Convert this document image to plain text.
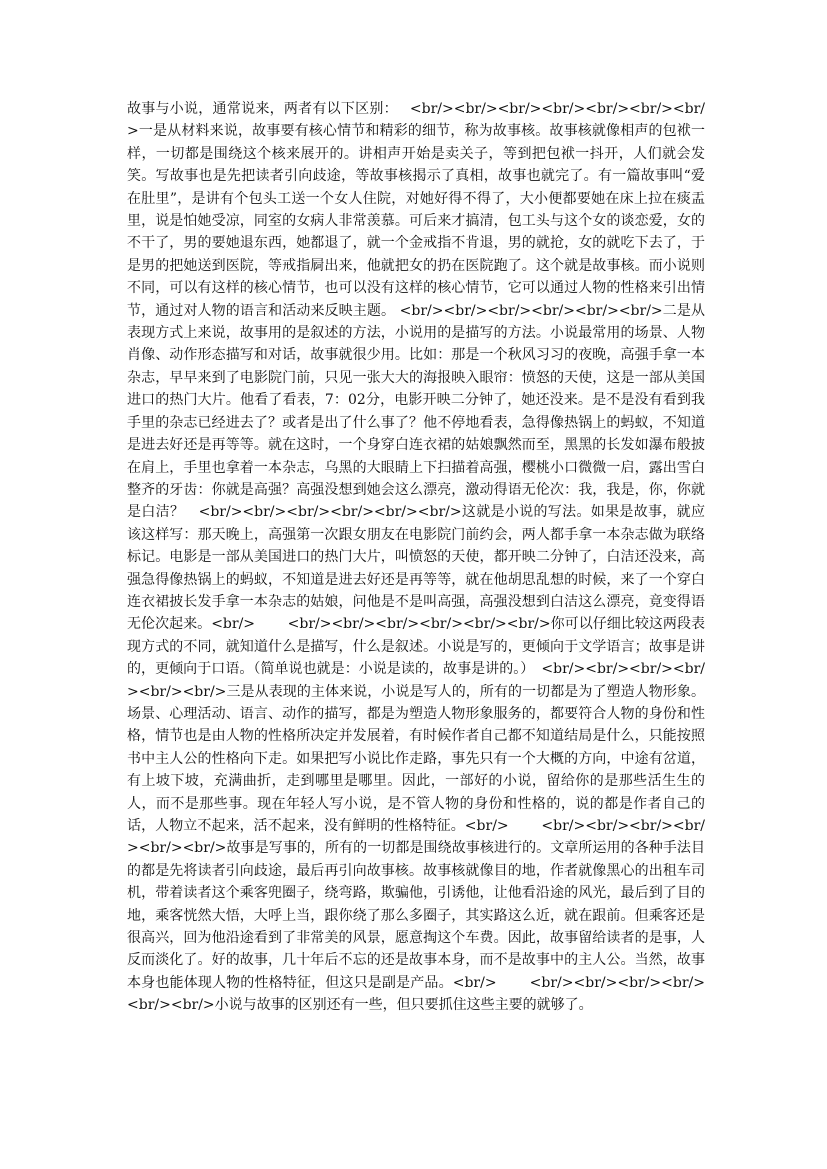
故事与小说，通常说来，两者有以下区别：　 <br/><br/><br/><br/><br/><br/><br/>一是从材料来说，故事要有核心情节和精彩的细节，称为故事核。故事核就像相声的包袱一样，一切都是围绕这个核来展开的。讲相声开始是卖关子，等到把包袱一抖开，人们就会发笑。写故事也是先把读者引向歧途，等故事核揭示了真相，故事也就完了。有一篇故事叫“爱在肚里”，是讲有个包头工送一个女人住院，对她好得不得了，大小便都要她在床上拉在痰盂里，说是怕她受凉，同室的女病人非常羡慕。可后来才搞清，包工头与这个女的谈恋爱，女的不干了，男的要她退东西，她都退了，就一个金戒指不肯退，男的就抢，女的就吃下去了，于是男的把她送到医院，等戒指屙出来，他就把女的扔在医院跑了。这个就是故事核。而小说则不同，可以有这样的核心情节，也可以没有这样的核心情节，它可以通过人物的性格来引出情节，通过对人物的语言和活动来反映主题。 <br/><br/><br/><br/><br/><br/>二是从表现方式上来说，故事用的是叙述的方法，小说用的是描写的方法。小说最常用的场景、人物肖像、动作形态描写和对话，故事就很少用。比如：那是一个秋风习习的夜晚，高强手拿一本杂志，早早来到了电影院门前，只见一张大大的海报映入眼帘：愤怒的天使，这是一部从美国进口的热门大片。他看了看表，7：02分，电影开映二分钟了，她还没来。是不是没有看到我手里的杂志已经进去了？或者是出了什么事了？他不停地看表，急得像热锅上的蚂蚁，不知道是进去好还是再等等。就在这时，一个身穿白连衣裙的姑娘飘然而至，黑黑的长发如瀑布般披在肩上，手里也拿着一本杂志，乌黑的大眼睛上下扫描着高强，樱桃小口微微一启，露出雪白整齐的牙齿：你就是高强？高强没想到她会这么漂亮，激动得语无伦次：我，我是，你，你就是白洁？　<br/><br/><br/><br/><br/><br/>这就是小说的写法。如果是故事，就应该这样写：那天晚上，高强第一次跟女朋友在电影院门前约会，两人都手拿一本杂志做为联络标记。电影是一部从美国进口的热门大片，叫愤怒的天使，都开映二分钟了，白洁还没来，高强急得像热锅上的蚂蚁，不知道是进去好还是再等等，就在他胡思乱想的时候，来了一个穿白连衣裙披长发手拿一本杂志的姑娘，问他是不是叫高强，高强没想到白洁这么漂亮，竟变得语无伦次起来。<br/>　　 <br/><br/><br/><br/><br/><br/>你可以仔细比较这两段表现方式的不同，就知道什么是描写，什么是叙述。小说是写的，更倾向于文学语言；故事是讲的，更倾向于口语。（简单说也就是：小说是读的，故事是讲的。）　<br/><br/><br/><br/><br/><br/>三是从表现的主体来说，小说是写人的，所有的一切都是为了塑造人物形象。场景、心理活动、语言、动作的描写，都是为塑造人物形象服务的，都要符合人物的身份和性格，情节也是由人物的性格所决定并发展着，有时候作者自己都不知道结局是什么，只能按照书中主人公的性格向下走。如果把写小说比作走路，事先只有一个大概的方向，中途有岔道，有上坡下坡，充满曲折，走到哪里是哪里。因此，一部好的小说，留给你的是那些活生生的人，而不是那些事。现在年轻人写小说，是不管人物的身份和性格的，说的都是作者自己的话，人物立不起来，活不起来，没有鲜明的性格特征。<br/>　　 <br/><br/><br/><br/><br/><br/>故事是写事的，所有的一切都是围绕故事核进行的。文章所运用的各种手法目的都是先将读者引向歧途，最后再引向故事核。故事核就像目的地，作者就像黑心的出租车司机，带着读者这个乘客兜圈子，绕弯路，欺骗他，引诱他，让他看沿途的风光，最后到了目的地，乘客恍然大悟，大呼上当，跟你绕了那么多圈子，其实路这么近，就在跟前。但乘客还是很高兴，回为他沿途看到了非常美的风景，愿意掏这个车费。因此，故事留给读者的是事，人反而淡化了。好的故事，几十年后不忘的还是故事本身，而不是故事中的主人公。当然，故事本身也能体现人物的性格特征，但这只是副是产品。<br/>　　 <br/><br/><br/><br/><br/><br/>小说与故事的区别还有一些，但只要抓住这些主要的就够了。
